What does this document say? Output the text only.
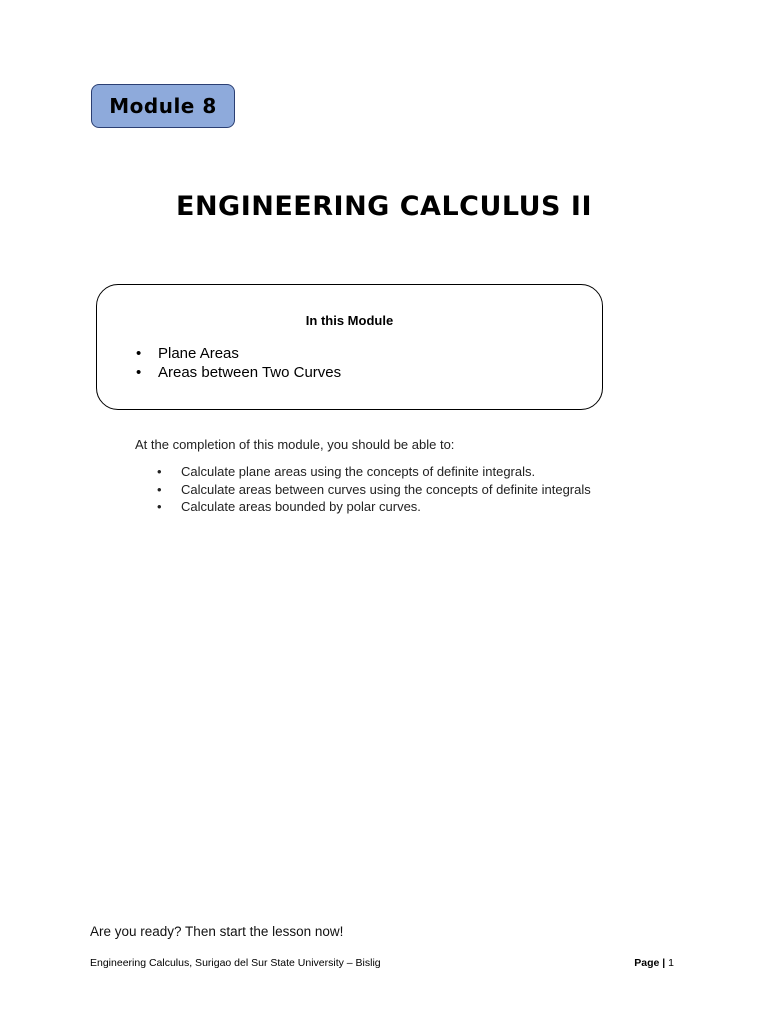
Module 8
ENGINEERING CALCULUS II
In this Module
• Plane Areas
• Areas between Two Curves
At the completion of this module, you should be able to:
• Calculate plane areas using the concepts of definite integrals.
• Calculate areas between curves using the concepts of definite integrals
• Calculate areas bounded by polar curves.
Are you ready? Then start the lesson now!
Engineering Calculus, Surigao del Sur State University – Bislig	Page | 1
